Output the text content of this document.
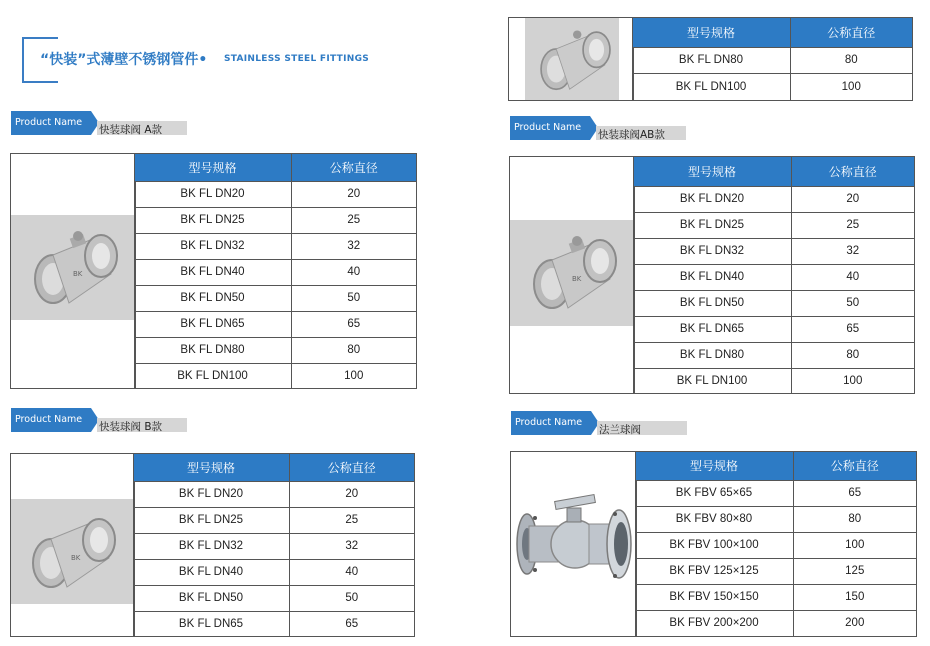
“快装”式薄壁不锈钢管件• STAINLESS STEEL FITTINGS
Product Name
快装球阀 A款
BK
型号规格	公称直径
BK FL DN20	20
BK FL DN25	25
BK FL DN32	32
BK FL DN40	40
BK FL DN50	50
BK FL DN65	65
BK FL DN80	80
BK FL DN100	100
Product Name
快装球阀 B款
BK
型号规格	公称直径
BK FL DN20	20
BK FL DN25	25
BK FL DN32	32
BK FL DN40	40
BK FL DN50	50
BK FL DN65	65
型号规格	公称直径
BK FL DN80	80
BK FL DN100	100
Product Name
快装球阀AB款
BK
型号规格	公称直径
BK FL DN20	20
BK FL DN25	25
BK FL DN32	32
BK FL DN40	40
BK FL DN50	50
BK FL DN65	65
BK FL DN80	80
BK FL DN100	100
Product Name
法兰球阀
型号规格	公称直径
BK FBV 65×65	65
BK FBV 80×80	80
BK FBV 100×100	100
BK FBV 125×125	125
BK FBV 150×150	150
BK FBV 200×200	200
